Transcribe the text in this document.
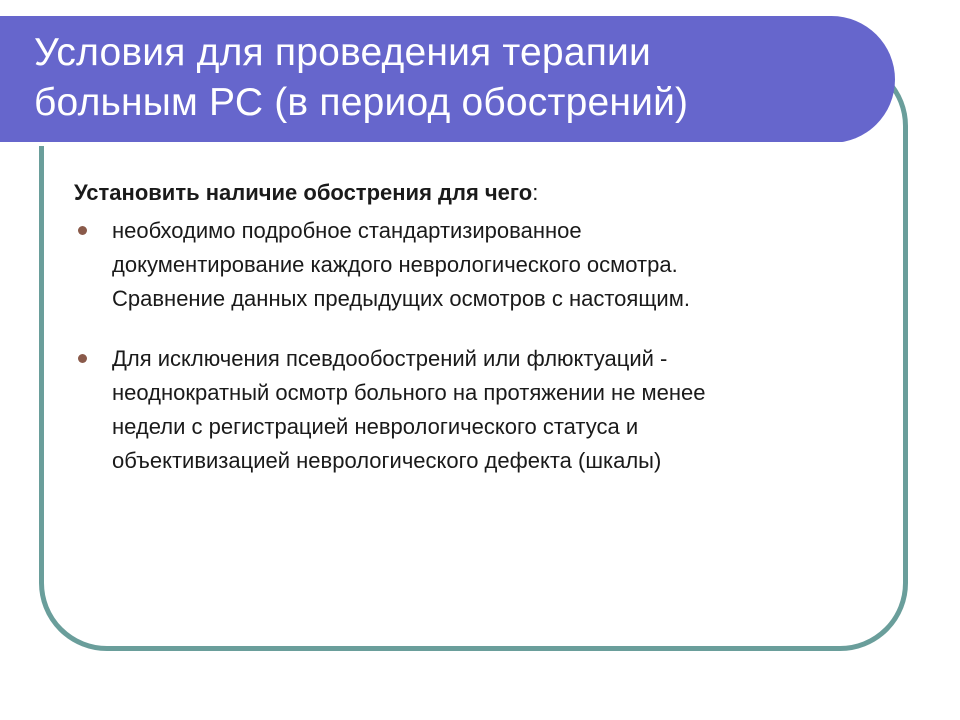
Условия для проведения терапии
больным РС (в период обострений)

Установить наличие обострения для чего:

необходимо подробное стандартизированное
документирование каждого неврологического осмотра.
Сравнение данных предыдущих осмотров с настоящим.
Для исключения псевдообострений или флюктуаций -
неоднократный осмотр больного на протяжении не менее
недели с регистрацией неврологического статуса и
объективизацией неврологического дефекта (шкалы)
